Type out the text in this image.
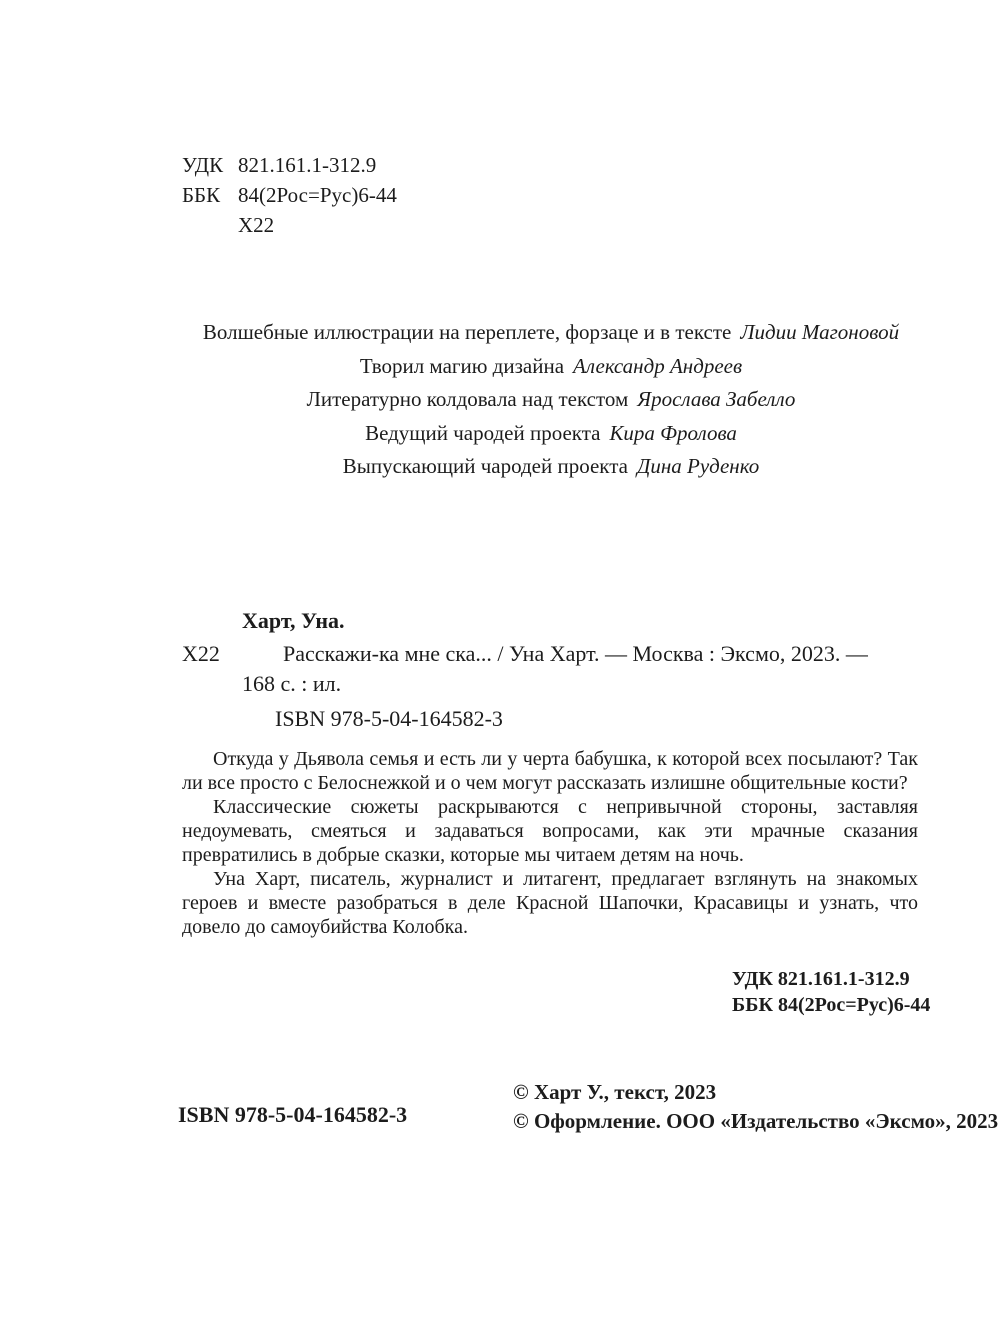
УДК 821.161.1-312.9
ББК 84(2Рос=Рус)6-44
Х22
Волшебные иллюстрации на переплете, форзаце и в тексте Лидии Магоновой
Творил магию дизайна Александр Андреев
Литературно колдовала над текстом Ярослава Забелло
Ведущий чародей проекта Кира Фролова
Выпускающий чародей проекта Дина Руденко
Харт, Уна.
Х22	Расскажи-ка мне ска... / Уна Харт. — Москва : Эксмо, 2023. —
168 с. : ил.
ISBN 978-5-04-164582-3

Откуда у Дьявола семья и есть ли у черта бабушка, к которой всех посылают? Так ли все просто с Белоснежкой и о чем могут рассказать излишне общительные кости?

Классические сюжеты раскрываются с непривычной стороны, заставляя недоумевать, смеяться и задаваться вопросами, как эти мрачные сказания превратились в добрые сказки, которые мы читаем детям на ночь.

Уна Харт, писатель, журналист и литагент, предлагает взглянуть на знакомых героев и вместе разобраться в деле Красной Шапочки, Красавицы и узнать, что довело до самоубийства Колобка.

УДК 821.161.1-312.9
ББК 84(2Рос=Рус)6-44
ISBN 978-5-04-164582-3
© Харт У., текст, 2023
© Оформление. ООО «Издательство «Эксмо», 2023
